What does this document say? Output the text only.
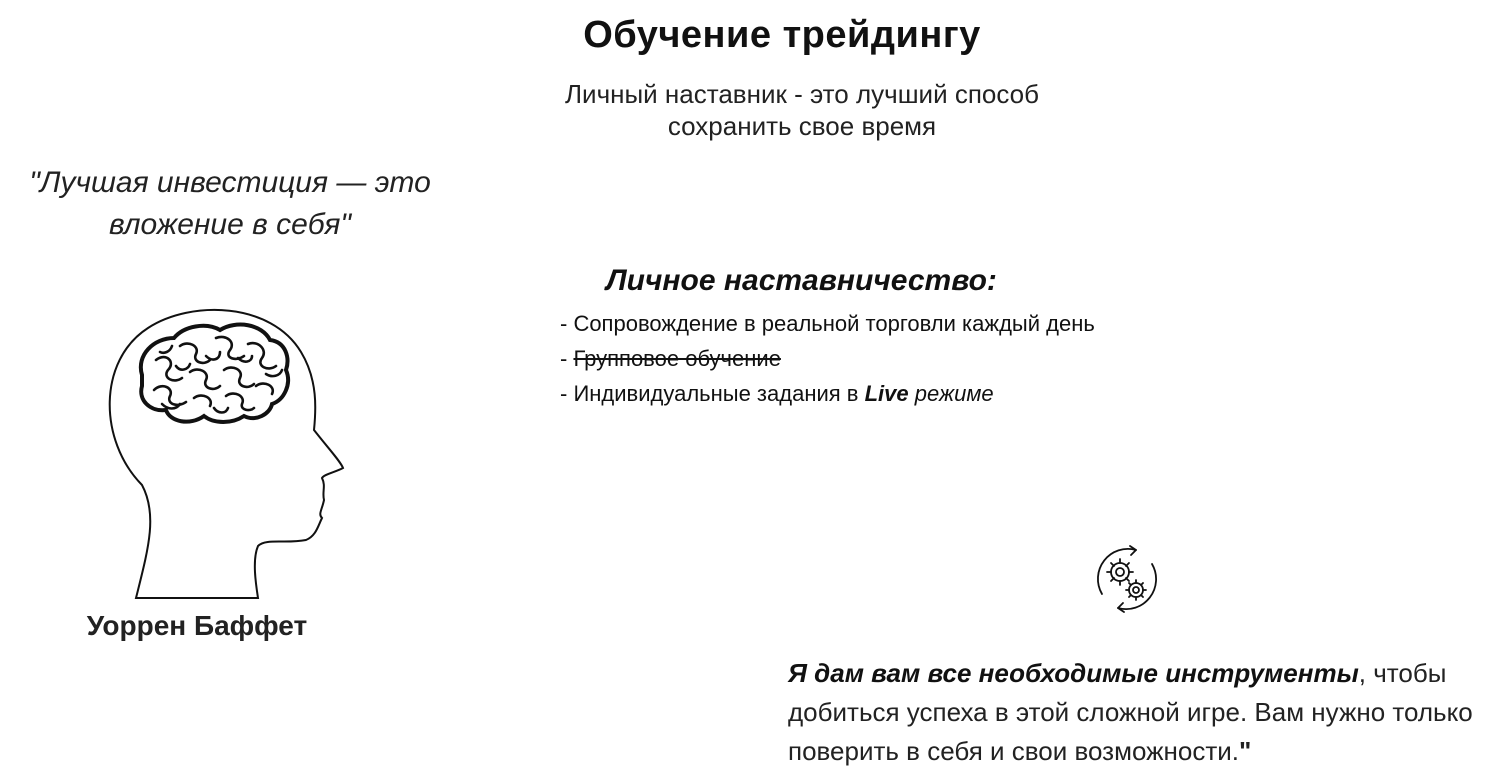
Обучение трейдингу
Личный наставник - это лучший способ
сохранить свое время
"Лучшая инвестиция — это
вложение в себя"
Уоррен Баффет
Личное наставничество:
- Сопровождение в реальной торговли каждый день
- Групповое обучение
- Индивидуальные задания в Live режиме

Я дам вам все необходимые инструменты, чтобы добиться успеха в этой сложной игре. Вам нужно только поверить в себя и свои возможности."
